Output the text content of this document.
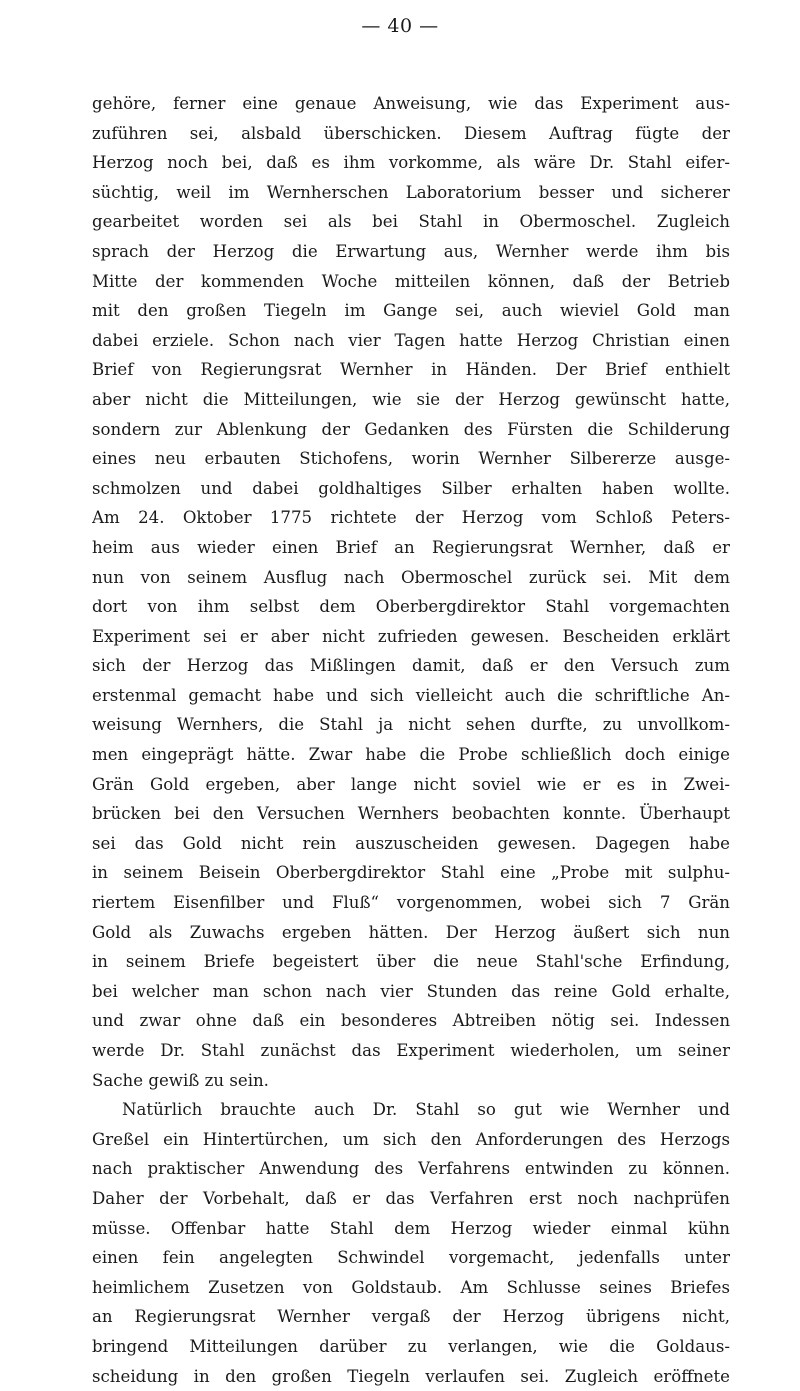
— 40 —
gehöre, ferner eine genaue Anweisung, wie das Experiment aus-
zuführen sei, alsbald überschicken. Diesem Auftrag fügte der
Herzog noch bei, daß es ihm vorkomme, als wäre Dr. Stahl eifer-
süchtig, weil im Wernherschen Laboratorium besser und sicherer
gearbeitet worden sei als bei Stahl in Obermoschel. Zugleich
sprach der Herzog die Erwartung aus, Wernher werde ihm bis
Mitte der kommenden Woche mitteilen können, daß der Betrieb
mit den großen Tiegeln im Gange sei, auch wieviel Gold man
dabei erziele. Schon nach vier Tagen hatte Herzog Christian einen
Brief von Regierungsrat Wernher in Händen. Der Brief enthielt
aber nicht die Mitteilungen, wie sie der Herzog gewünscht hatte,
sondern zur Ablenkung der Gedanken des Fürsten die Schilderung
eines neu erbauten Stichofens, worin Wernher Silbererze ausge-
schmolzen und dabei goldhaltiges Silber erhalten haben wollte.
Am 24. Oktober 1775 richtete der Herzog vom Schloß Peters-
heim aus wieder einen Brief an Regierungsrat Wernher, daß er
nun von seinem Ausflug nach Obermoschel zurück sei. Mit dem
dort von ihm selbst dem Oberbergdirektor Stahl vorgemachten
Experiment sei er aber nicht zufrieden gewesen. Bescheiden erklärt
sich der Herzog das Mißlingen damit, daß er den Versuch zum
erstenmal gemacht habe und sich vielleicht auch die schriftliche An-
weisung Wernhers, die Stahl ja nicht sehen durfte, zu unvollkom-
men eingeprägt hätte. Zwar habe die Probe schließlich doch einige
Grän Gold ergeben, aber lange nicht soviel wie er es in Zwei-
brücken bei den Versuchen Wernhers beobachten konnte. Überhaupt
sei das Gold nicht rein auszuscheiden gewesen. Dagegen habe
in seinem Beisein Oberbergdirektor Stahl eine „Probe mit sulphu-
riertem Eisenfilber und Fluß“ vorgenommen, wobei sich 7 Grän
Gold als Zuwachs ergeben hätten. Der Herzog äußert sich nun
in seinem Briefe begeistert über die neue Stahl'sche Erfindung,
bei welcher man schon nach vier Stunden das reine Gold erhalte,
und zwar ohne daß ein besonderes Abtreiben nötig sei. Indessen
werde Dr. Stahl zunächst das Experiment wiederholen, um seiner
Sache gewiß zu sein.
Natürlich brauchte auch Dr. Stahl so gut wie Wernher und
Greßel ein Hintertürchen, um sich den Anforderungen des Herzogs
nach praktischer Anwendung des Verfahrens entwinden zu können.
Daher der Vorbehalt, daß er das Verfahren erst noch nachprüfen
müsse. Offenbar hatte Stahl dem Herzog wieder einmal kühn
einen fein angelegten Schwindel vorgemacht, jedenfalls unter
heimlichem Zusetzen von Goldstaub. Am Schlusse seines Briefes
an Regierungsrat Wernher vergaß der Herzog übrigens nicht,
bringend Mitteilungen darüber zu verlangen, wie die Goldaus-
scheidung in den großen Tiegeln verlaufen sei. Zugleich eröffnete
